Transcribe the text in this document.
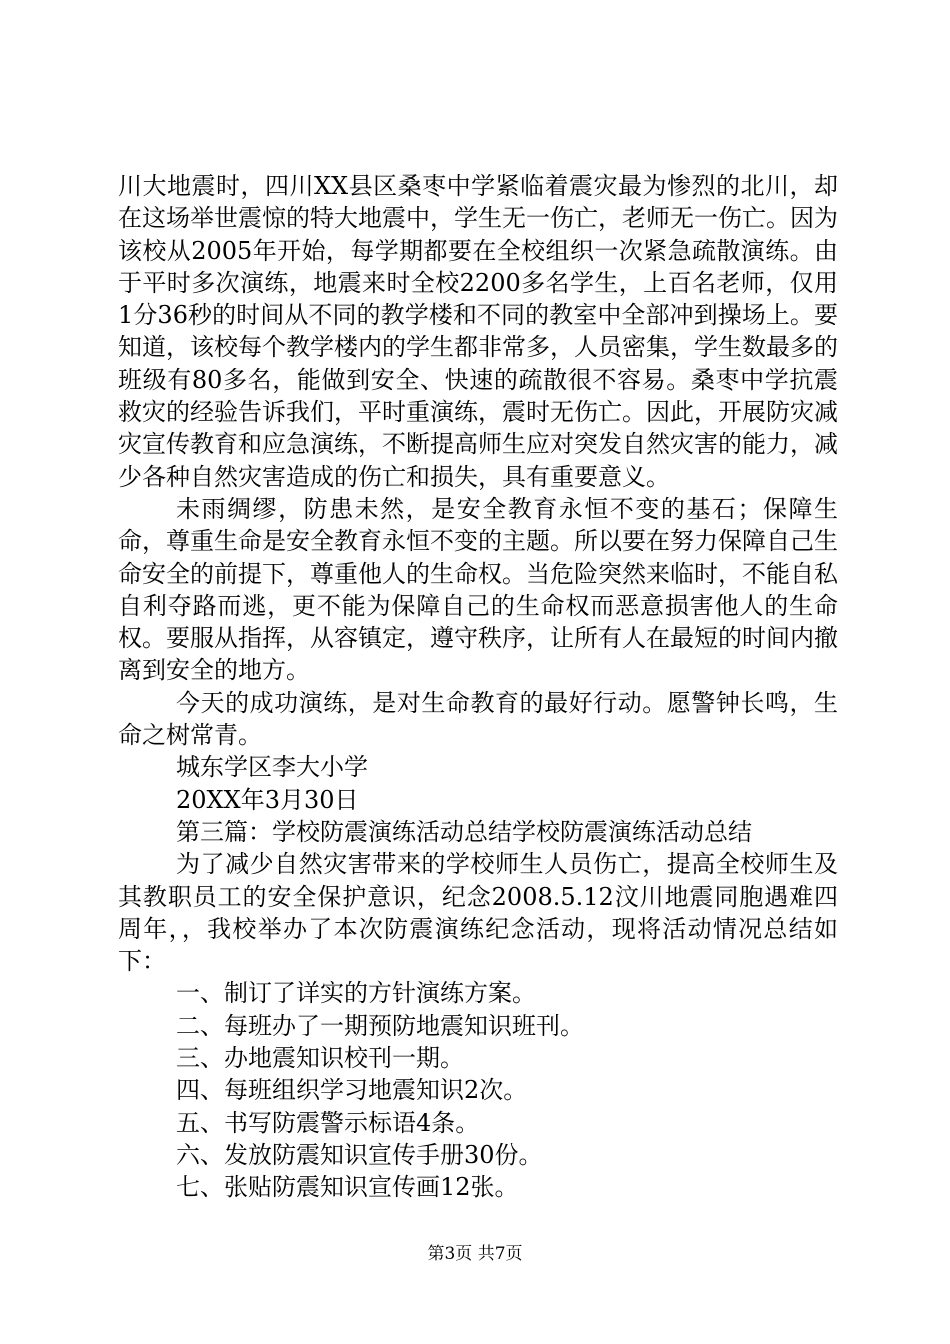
川大地震时，四川XX县区桑枣中学紧临着震灾最为惨烈的北川，却在这场举世震惊的特大地震中，学生无一伤亡，老师无一伤亡。因为该校从2005年开始，每学期都要在全校组织一次紧急疏散演练。由于平时多次演练，地震来时全校2200多名学生，上百名老师，仅用1分36秒的时间从不同的教学楼和不同的教室中全部冲到操场上。要知道，该校每个教学楼内的学生都非常多，人员密集，学生数最多的班级有80多名，能做到安全、快速的疏散很不容易。桑枣中学抗震救灾的经验告诉我们，平时重演练，震时无伤亡。因此，开展防灾减灾宣传教育和应急演练，不断提高师生应对突发自然灾害的能力，减少各种自然灾害造成的伤亡和损失，具有重要意义。

未雨绸缪，防患未然，是安全教育永恒不变的基石；保障生命，尊重生命是安全教育永恒不变的主题。所以要在努力保障自己生命安全的前提下，尊重他人的生命权。当危险突然来临时，不能自私自利夺路而逃，更不能为保障自己的生命权而恶意损害他人的生命权。要服从指挥，从容镇定，遵守秩序，让所有人在最短的时间内撤离到安全的地方。

今天的成功演练，是对生命教育的最好行动。愿警钟长鸣，生命之树常青。

城东学区李大小学

20XX年3月30日

第三篇：学校防震演练活动总结学校防震演练活动总结

为了减少自然灾害带来的学校师生人员伤亡，提高全校师生及其教职员工的安全保护意识，纪念2008.5.12汶川地震同胞遇难四周年，，我校举办了本次防震演练纪念活动，现将活动情况总结如下：

一、制订了详实的方针演练方案。

二、每班办了一期预防地震知识班刊。

三、办地震知识校刊一期。

四、每班组织学习地震知识2次。

五、书写防震警示标语4条。

六、发放防震知识宣传手册30份。

七、张贴防震知识宣传画12张。

第3页 共7页
